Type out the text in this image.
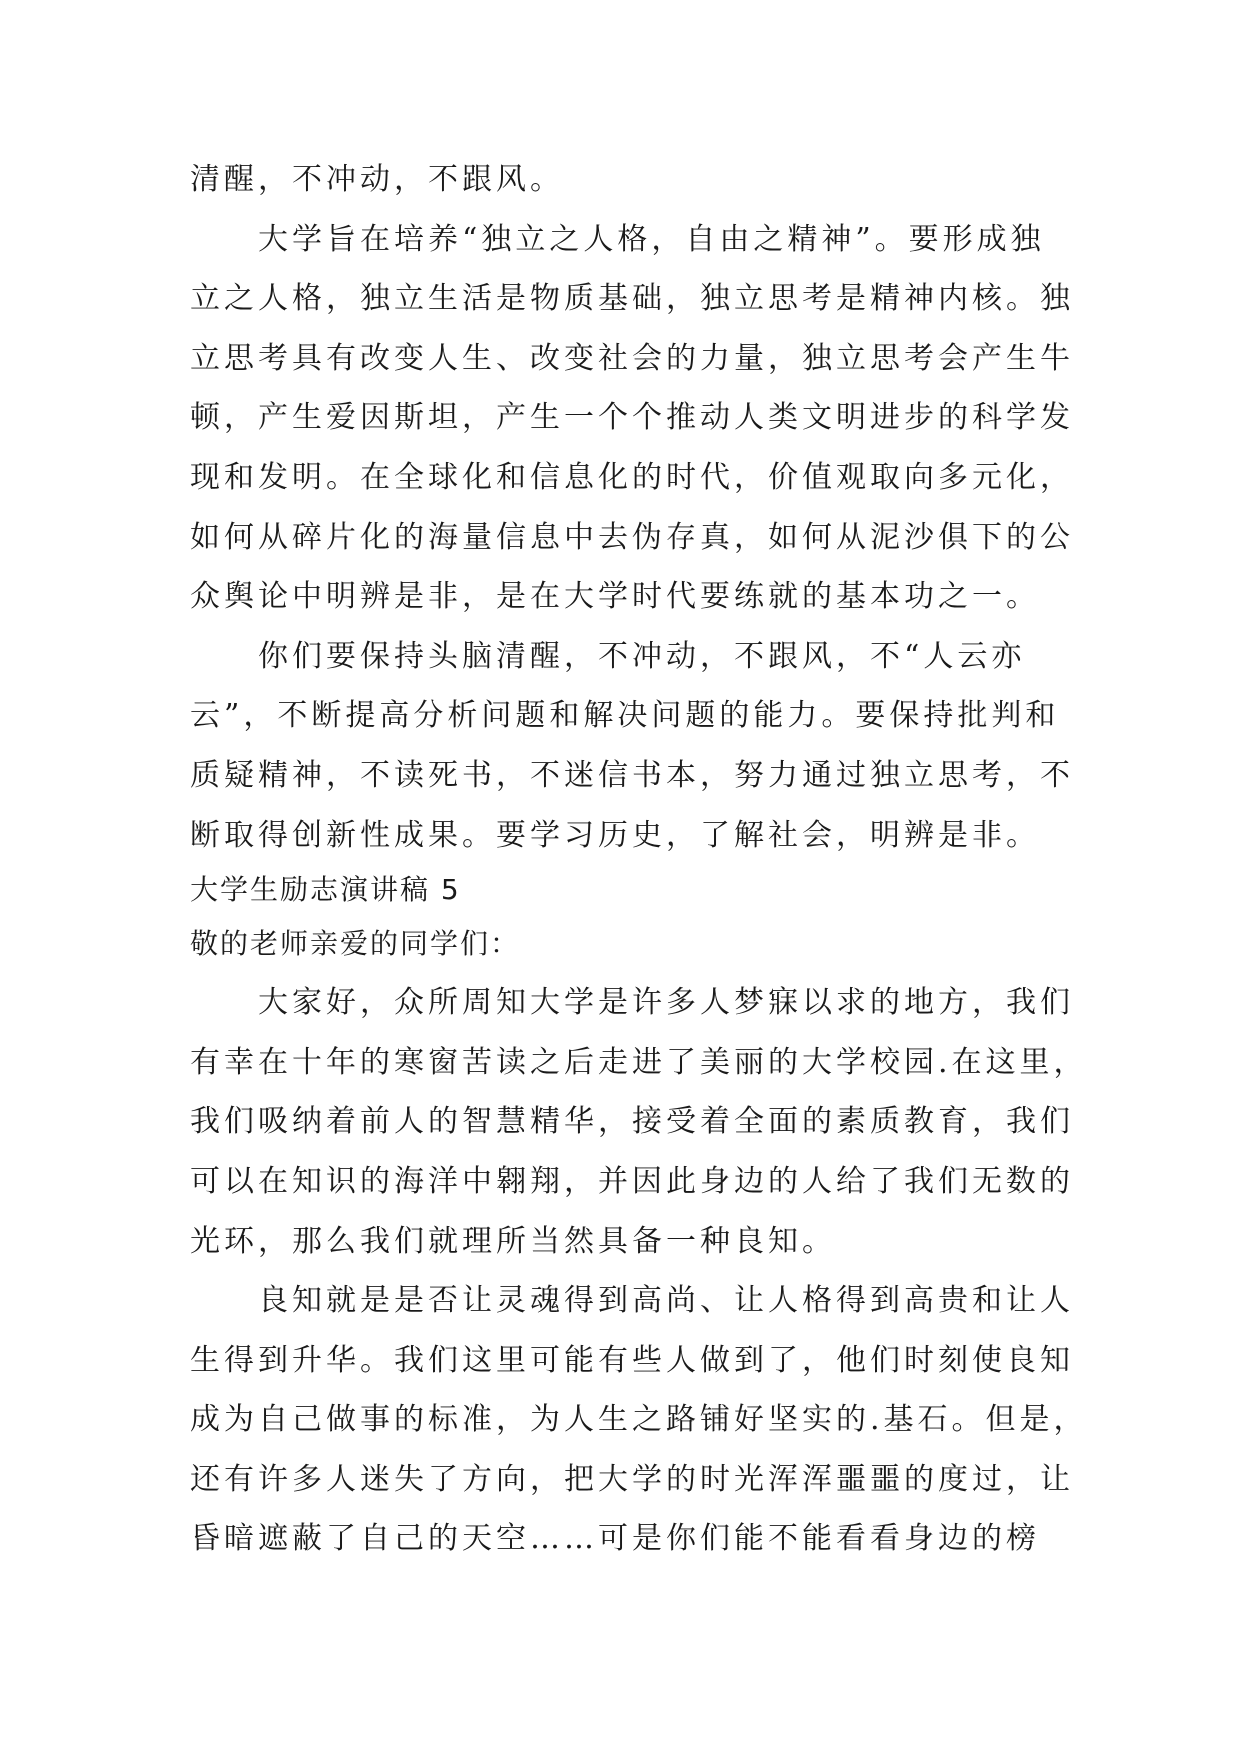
清醒，不冲动，不跟风。

大学旨在培养“独立之人格，自由之精神”。要形成独

立之人格，独立生活是物质基础，独立思考是精神内核。独

立思考具有改变人生、改变社会的力量，独立思考会产生牛

顿，产生爱因斯坦，产生一个个推动人类文明进步的科学发

现和发明。在全球化和信息化的时代，价值观取向多元化，

如何从碎片化的海量信息中去伪存真，如何从泥沙俱下的公

众舆论中明辨是非，是在大学时代要练就的基本功之一。

你们要保持头脑清醒，不冲动，不跟风，不“人云亦

云”，不断提高分析问题和解决问题的能力。要保持批判和

质疑精神，不读死书，不迷信书本，努力通过独立思考，不

断取得创新性成果。要学习历史，了解社会，明辨是非。

大学生励志演讲稿 5

敬的老师亲爱的同学们：

大家好，众所周知大学是许多人梦寐以求的地方，我们

有幸在十年的寒窗苦读之后走进了美丽的大学校园.在这里，

我们吸纳着前人的智慧精华，接受着全面的素质教育，我们

可以在知识的海洋中翱翔，并因此身边的人给了我们无数的

光环，那么我们就理所当然具备一种良知。

良知就是是否让灵魂得到高尚、让人格得到高贵和让人

生得到升华。我们这里可能有些人做到了，他们时刻使良知

成为自己做事的标准，为人生之路铺好坚实的.基石。但是，

还有许多人迷失了方向，把大学的时光浑浑噩噩的度过，让

昏暗遮蔽了自己的天空……可是你们能不能看看身边的榜
